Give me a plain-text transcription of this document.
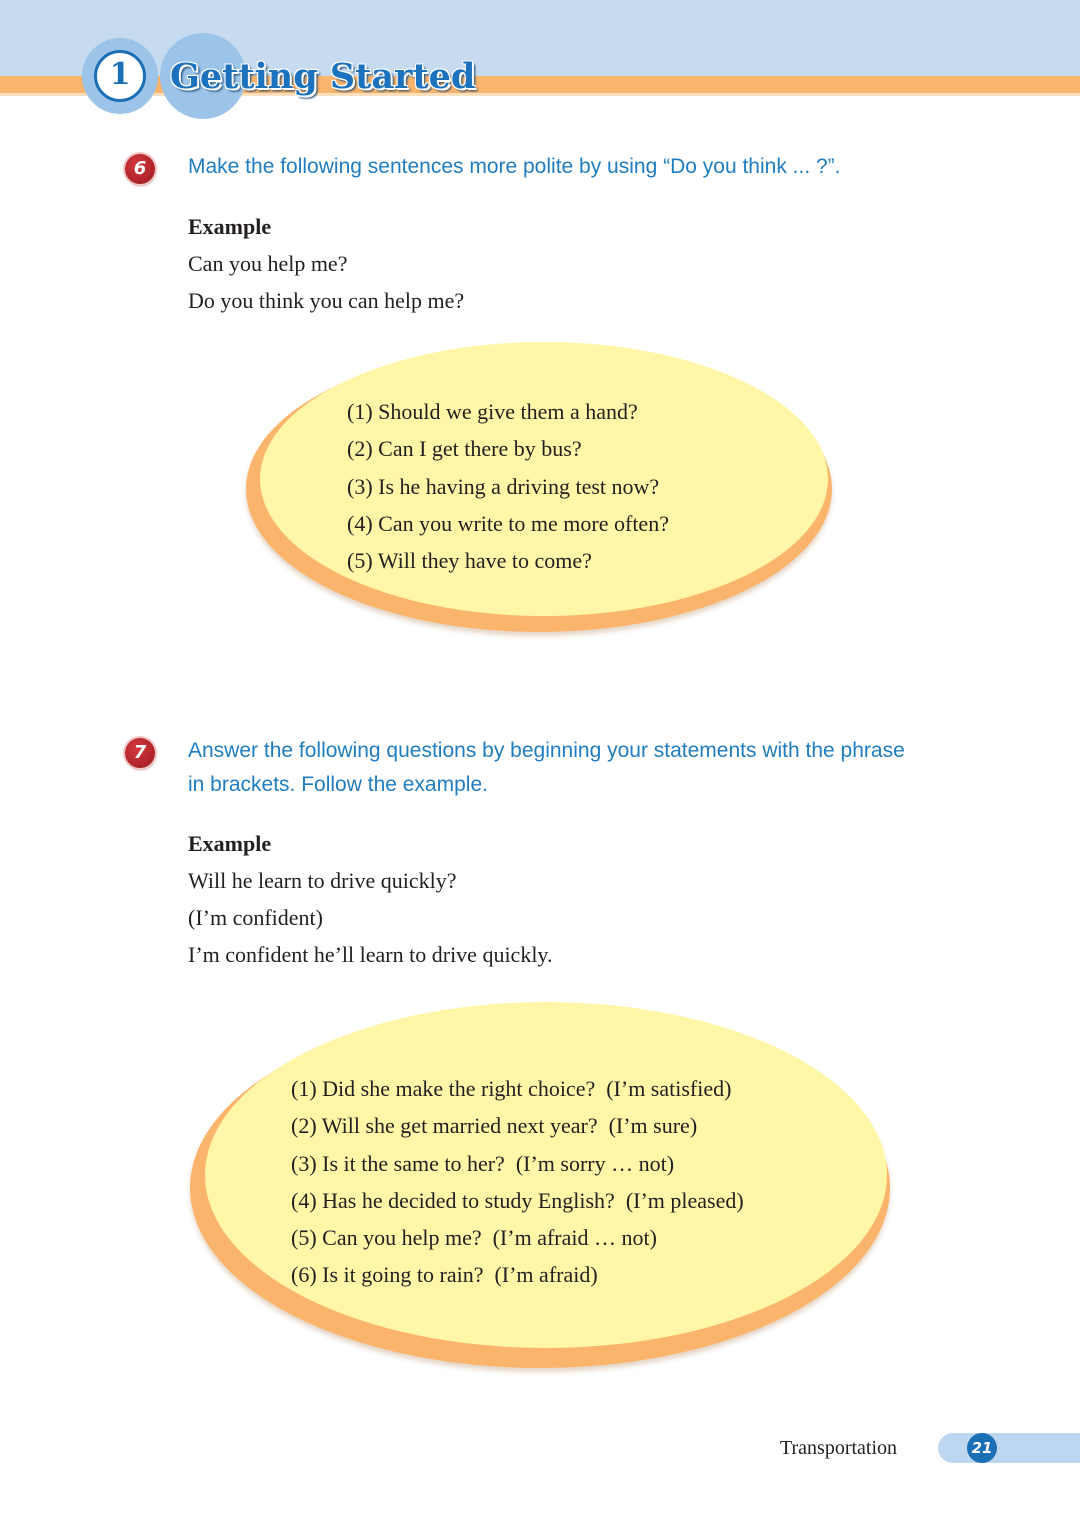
1 Getting Started
6 Make the following sentences more polite by using “Do you think ... ?”.
Example
Can you help me?
Do you think you can help me?
(1) Should we give them a hand?
(2) Can I get there by bus?
(3) Is he having a driving test now?
(4) Can you write to me more often?
(5) Will they have to come?
7 Answer the following questions by beginning your statements with the phrase
in brackets. Follow the example.
Example
Will he learn to drive quickly?
(I’m confident)
I’m confident he’ll learn to drive quickly.
(1) Did she make the right choice?  (I’m satisfied)
(2) Will she get married next year?  (I’m sure)
(3) Is it the same to her?  (I’m sorry … not)
(4) Has he decided to study English?  (I’m pleased)
(5) Can you help me?  (I’m afraid … not)
(6) Is it going to rain?  (I’m afraid)
Transportation	21
